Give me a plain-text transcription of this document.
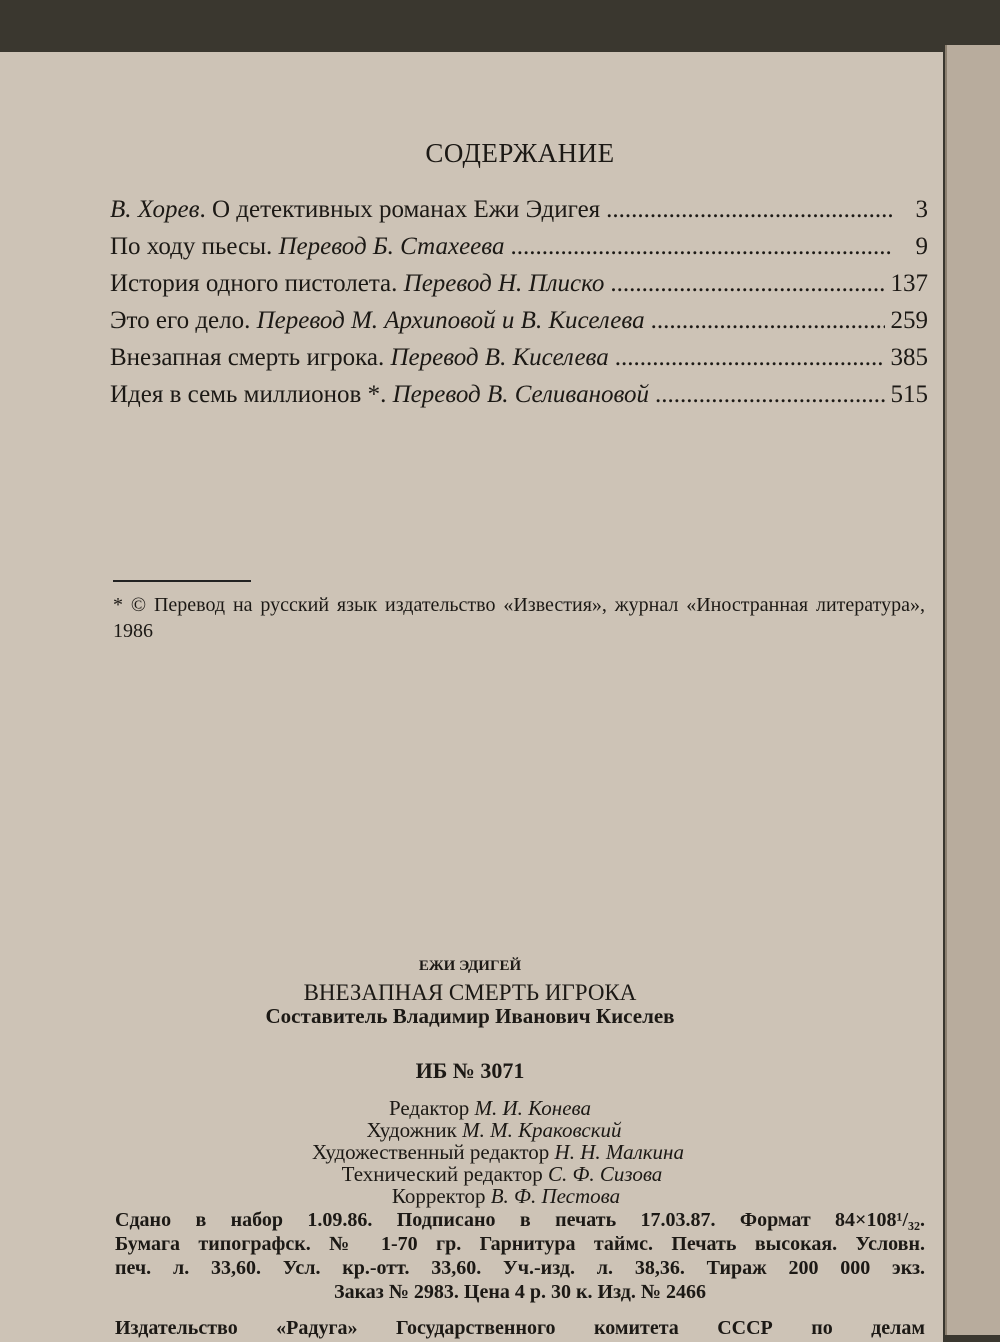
СОДЕРЖАНИЕ
В. Хорев. О детективных романах Ежи Эдигея .....	3
По ходу пьесы. Перевод Б. Стахеева .....	9
История одного пистолета. Перевод Н. Плиско .....	137
Это его дело. Перевод М. Архиповой и В. Киселева .....	259
Внезапная смерть игрока. Перевод В. Киселева .....	385
Идея в семь миллионов *. Перевод В. Селивановой .....	515
* © Перевод на русский язык издательство «Известия», журнал «Иностранная литература», 1986
ЕЖИ ЭДИГЕЙ
ВНЕЗАПНАЯ СМЕРТЬ ИГРОКА
Составитель Владимир Иванович Киселев
ИБ № 3071
Редактор М. И. Конева
Художник М. М. Краковский
Художественный редактор Н. Н. Малкина
Технический редактор С. Ф. Сизова
Корректор В. Ф. Пестова
Сдано в набор 1.09.86. Подписано в печать 17.03.87. Формат 84×108¹/₃₂.
Бумага типографск. № 1-70 гр. Гарнитура таймс. Печать высокая. Условн.
печ. л. 33,60. Усл. кр.-отт. 33,60. Уч.-изд. л. 38,36. Тираж 200 000 экз.
Заказ № 2983. Цена 4 р. 30 к. Изд. № 2466
Издательство «Радуга» Государственного комитета СССР по делам
